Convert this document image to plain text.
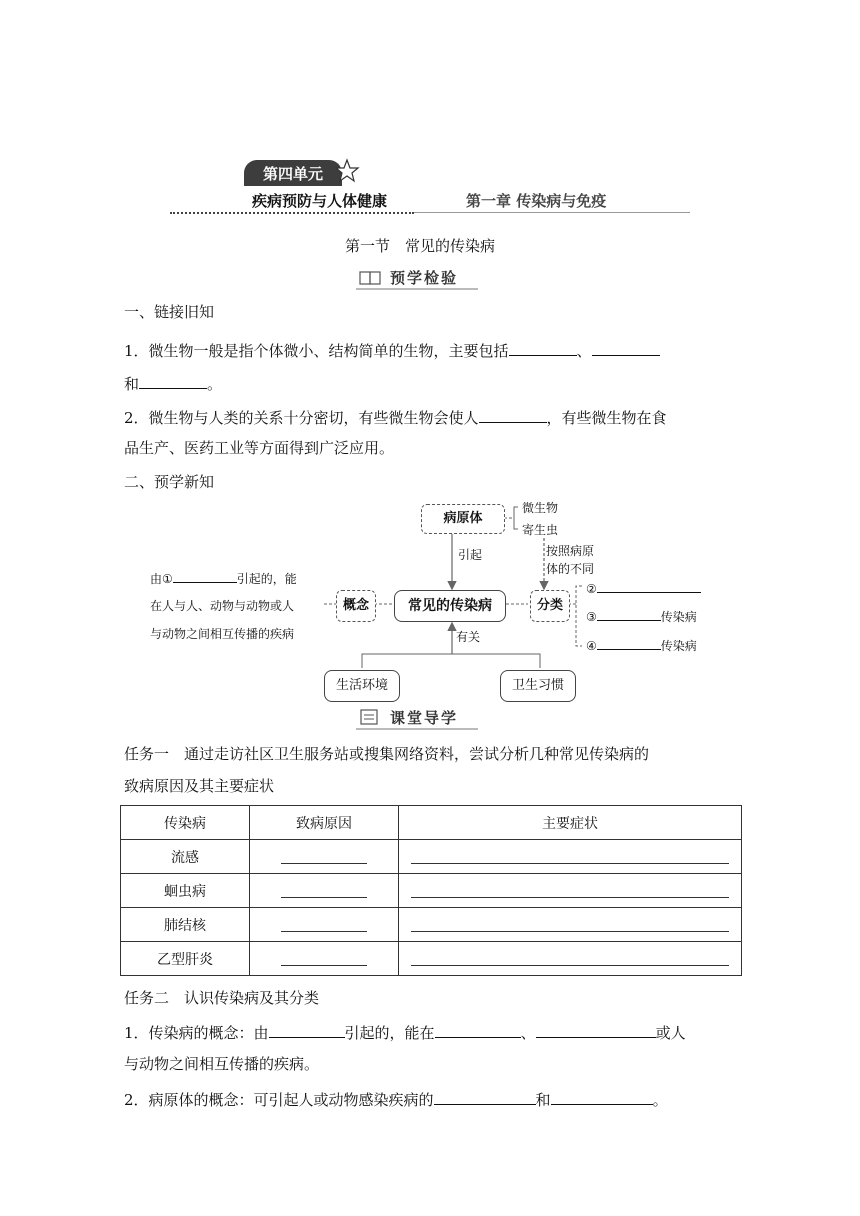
第四单元
疾病预防与人体健康	第一章 传染病与免疫
第一节　常见的传染病
预学检验
一、链接旧知
1．微生物一般是指个体微小、结构简单的生物，主要包括	、
和	。
2．微生物与人类的关系十分密切，有些微生物会使人	，有些微生物在食
品生产、医药工业等方面得到广泛应用。
二、预学新知
病原体
微生物
寄生虫
引起	按照病原
体的不同
常见的传染病
概念	分类
由①	引起的，能
在人与人、动物与动物或人
与动物之间相互传播的疾病
②
③	传染病
④	传染病
有关
生活环境	卫生习惯
课堂导学
任务一　通过走访社区卫生服务站或搜集网络资料，尝试分析几种常见传染病的
致病原因及其主要症状
传染病	致病原因	主要症状
流感		
蛔虫病		
肺结核		
乙型肝炎		
任务二　认识传染病及其分类
1．传染病的概念：由	引起的，能在	、	或人
与动物之间相互传播的疾病。
2．病原体的概念：可引起人或动物感染疾病的	和	。
